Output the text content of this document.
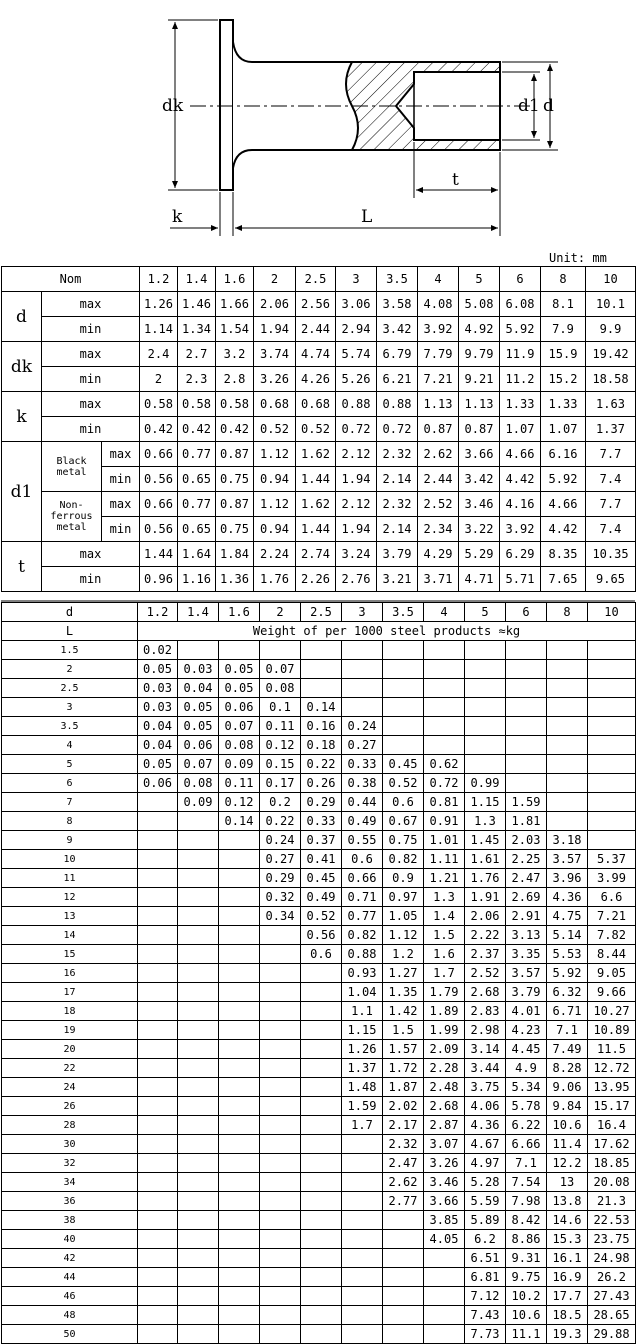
dk	d1 d
t
k	L
Unit: mm
Nom			1.2	1.4	1.6	2	2.5	3	3.5	4	5	6	8	10
d	max		1.26	1.46	1.66	2.06	2.56	3.06	3.58	4.08	5.08	6.08	8.1	10.1
	min		1.14	1.34	1.54	1.94	2.44	2.94	3.42	3.92	4.92	5.92	7.9	9.9
dk	max		2.4	2.7	3.2	3.74	4.74	5.74	6.79	7.79	9.79	11.9	15.9	19.42
	min		2	2.3	2.8	3.26	4.26	5.26	6.21	7.21	9.21	11.2	15.2	18.58
k	max		0.58	0.58	0.58	0.68	0.68	0.88	0.88	1.13	1.13	1.33	1.33	1.63
	min		0.42	0.42	0.42	0.52	0.52	0.72	0.72	0.87	0.87	1.07	1.07	1.37
d1	Black metal	max	0.66	0.77	0.87	1.12	1.62	2.12	2.32	2.62	3.66	4.66	6.16	7.7
		min	0.56	0.65	0.75	0.94	1.44	1.94	2.14	2.44	3.42	4.42	5.92	7.4
	Non-ferrous metal	max	0.66	0.77	0.87	1.12	1.62	2.12	2.32	2.52	3.46	4.16	4.66	7.7
		min	0.56	0.65	0.75	0.94	1.44	1.94	2.14	2.34	3.22	3.92	4.42	7.4
t	max		1.44	1.64	1.84	2.24	2.74	3.24	3.79	4.29	5.29	6.29	8.35	10.35
	min		0.96	1.16	1.36	1.76	2.26	2.76	3.21	3.71	4.71	5.71	7.65	9.65
d	1.2	1.4	1.6	2	2.5	3	3.5	4	5	6	8	10
L	Weight of per 1000 steel products ≈kg											
1.5	0.02											
2	0.05	0.03	0.05	0.07								
2.5	0.03	0.04	0.05	0.08								
3	0.03	0.05	0.06	0.1	0.14							
3.5	0.04	0.05	0.07	0.11	0.16	0.24						
4	0.04	0.06	0.08	0.12	0.18	0.27						
5	0.05	0.07	0.09	0.15	0.22	0.33	0.45	0.62				
6	0.06	0.08	0.11	0.17	0.26	0.38	0.52	0.72	0.99			
7		0.09	0.12	0.2	0.29	0.44	0.6	0.81	1.15	1.59		
8			0.14	0.22	0.33	0.49	0.67	0.91	1.3	1.81		
9				0.24	0.37	0.55	0.75	1.01	1.45	2.03	3.18	
10				0.27	0.41	0.6	0.82	1.11	1.61	2.25	3.57	5.37
11				0.29	0.45	0.66	0.9	1.21	1.76	2.47	3.96	3.99
12				0.32	0.49	0.71	0.97	1.3	1.91	2.69	4.36	6.6
13				0.34	0.52	0.77	1.05	1.4	2.06	2.91	4.75	7.21
14					0.56	0.82	1.12	1.5	2.22	3.13	5.14	7.82
15					0.6	0.88	1.2	1.6	2.37	3.35	5.53	8.44
16						0.93	1.27	1.7	2.52	3.57	5.92	9.05
17						1.04	1.35	1.79	2.68	3.79	6.32	9.66
18						1.1	1.42	1.89	2.83	4.01	6.71	10.27
19						1.15	1.5	1.99	2.98	4.23	7.1	10.89
20						1.26	1.57	2.09	3.14	4.45	7.49	11.5
22						1.37	1.72	2.28	3.44	4.9	8.28	12.72
24						1.48	1.87	2.48	3.75	5.34	9.06	13.95
26						1.59	2.02	2.68	4.06	5.78	9.84	15.17
28						1.7	2.17	2.87	4.36	6.22	10.6	16.4
30							2.32	3.07	4.67	6.66	11.4	17.62
32							2.47	3.26	4.97	7.1	12.2	18.85
34							2.62	3.46	5.28	7.54	13	20.08
36							2.77	3.66	5.59	7.98	13.8	21.3
38								3.85	5.89	8.42	14.6	22.53
40								4.05	6.2	8.86	15.3	23.75
42									6.51	9.31	16.1	24.98
44									6.81	9.75	16.9	26.2
46									7.12	10.2	17.7	27.43
48									7.43	10.6	18.5	28.65
50									7.73	11.1	19.3	29.88
